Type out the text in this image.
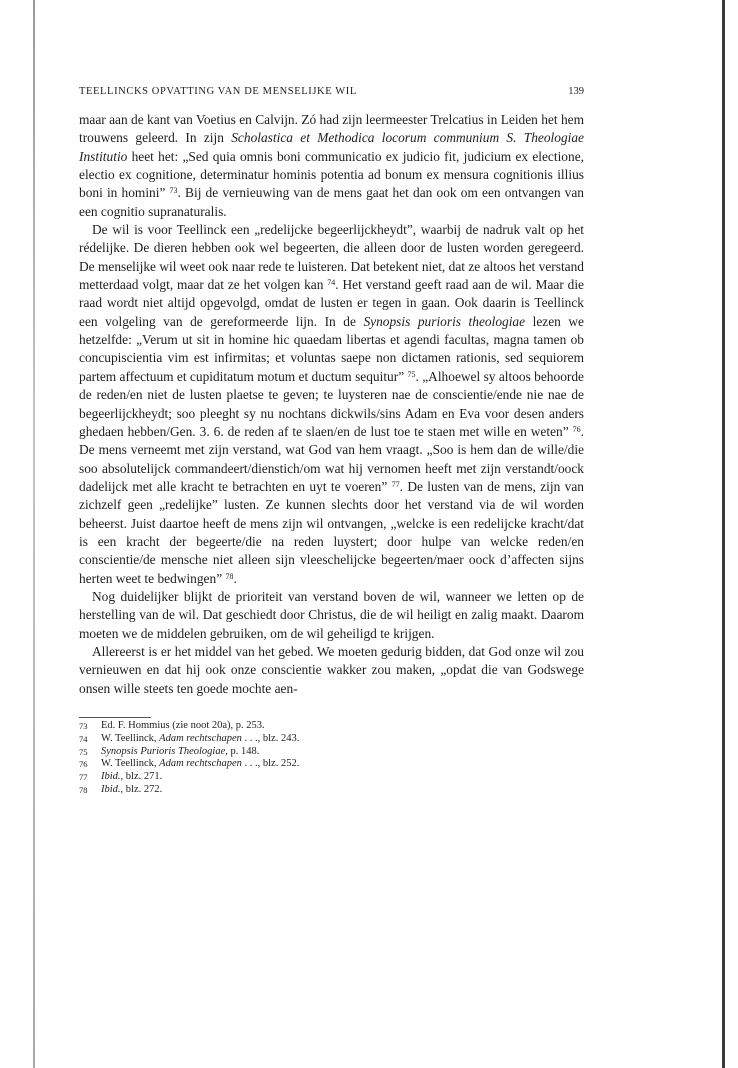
TEELLINCKS OPVATTING VAN DE MENSELIJKE WIL	139

maar aan de kant van Voetius en Calvijn. Zó had zijn leermeester Trelcatius in Leiden het hem trouwens geleerd. In zijn Scholastica et Methodica locorum communium S. Theologiae Institutio heet het: „Sed quia omnis boni communicatio ex judicio fit, judicium ex electione, electio ex cognitione, determinatur hominis potentia ad bonum ex mensura cognitionis illius boni in homini” $^{73}$. Bij de vernieuwing van de mens gaat het dan ook om een ontvangen van een cognitio supranaturalis.

De wil is voor Teellinck een „redelijcke begeerlijckheydt”, waarbij de nadruk valt op het rédelijke. De dieren hebben ook wel begeerten, die alleen door de lusten worden geregeerd. De menselijke wil weet ook naar rede te luisteren. Dat betekent niet, dat ze altoos het verstand metterdaad volgt, maar dat ze het volgen kan $^{74}$. Het verstand geeft raad aan de wil. Maar die raad wordt niet altijd opgevolgd, omdat de lusten er tegen in gaan. Ook daarin is Teellinck een volgeling van de gereformeerde lijn. In de Synopsis purioris theologiae lezen we hetzelfde: „Verum ut sit in homine hic quaedam libertas et agendi facultas, magna tamen ob concupiscientia vim est infirmitas; et voluntas saepe non dictamen rationis, sed sequiorem partem affectuum et cupiditatum motum et ductum sequitur” $^{75}$. „Alhoewel sy altoos behoorde de reden/en niet de lusten plaetse te geven; te luysteren nae de conscientie/ende nie nae de begeerlijckheydt; soo pleeght sy nu nochtans dickwils/sins Adam en Eva voor desen anders ghedaen hebben/Gen. 3. 6. de reden af te slaen/en de lust toe te staen met wille en weten” $^{76}$. De mens verneemt met zijn verstand, wat God van hem vraagt. „Soo is hem dan de wille/die soo absolutelijck commandeert/dienstich/om wat hij vernomen heeft met zijn verstandt/oock dadelijck met alle kracht te betrachten en uyt te voeren” $^{77}$. De lusten van de mens, zijn van zichzelf geen „redelijke” lusten. Ze kunnen slechts door het verstand via de wil worden beheerst. Juist daartoe heeft de mens zijn wil ontvangen, „welcke is een redelijcke kracht/dat is een kracht der begeerte/die na reden luystert; door hulpe van welcke reden/en conscientie/de mensche niet alleen sijn vleeschelijcke begeerten/maer oock d’affecten sijns herten weet te bedwingen” $^{78}$.

Nog duidelijker blijkt de prioriteit van verstand boven de wil, wanneer we letten op de herstelling van de wil. Dat geschiedt door Christus, die de wil heiligt en zalig maakt. Daarom moeten we de middelen gebruiken, om de wil geheiligd te krijgen.

Allereerst is er het middel van het gebed. We moeten gedurig bidden, dat God onze wil zou vernieuwen en dat hij ook onze conscientie wakker zou maken, „opdat die van Godswege onsen wille steets ten goede mochte aen-

73	Ed. F. Hommius (zie noot 20a), p. 253.
74	W. Teellinck, Adam rechtschapen . . ., blz. 243.
75	Synopsis Purioris Theologiae, p. 148.
76	W. Teellinck, Adam rechtschapen . . ., blz. 252.
77	Ibid., blz. 271.
78	Ibid., blz. 272.
